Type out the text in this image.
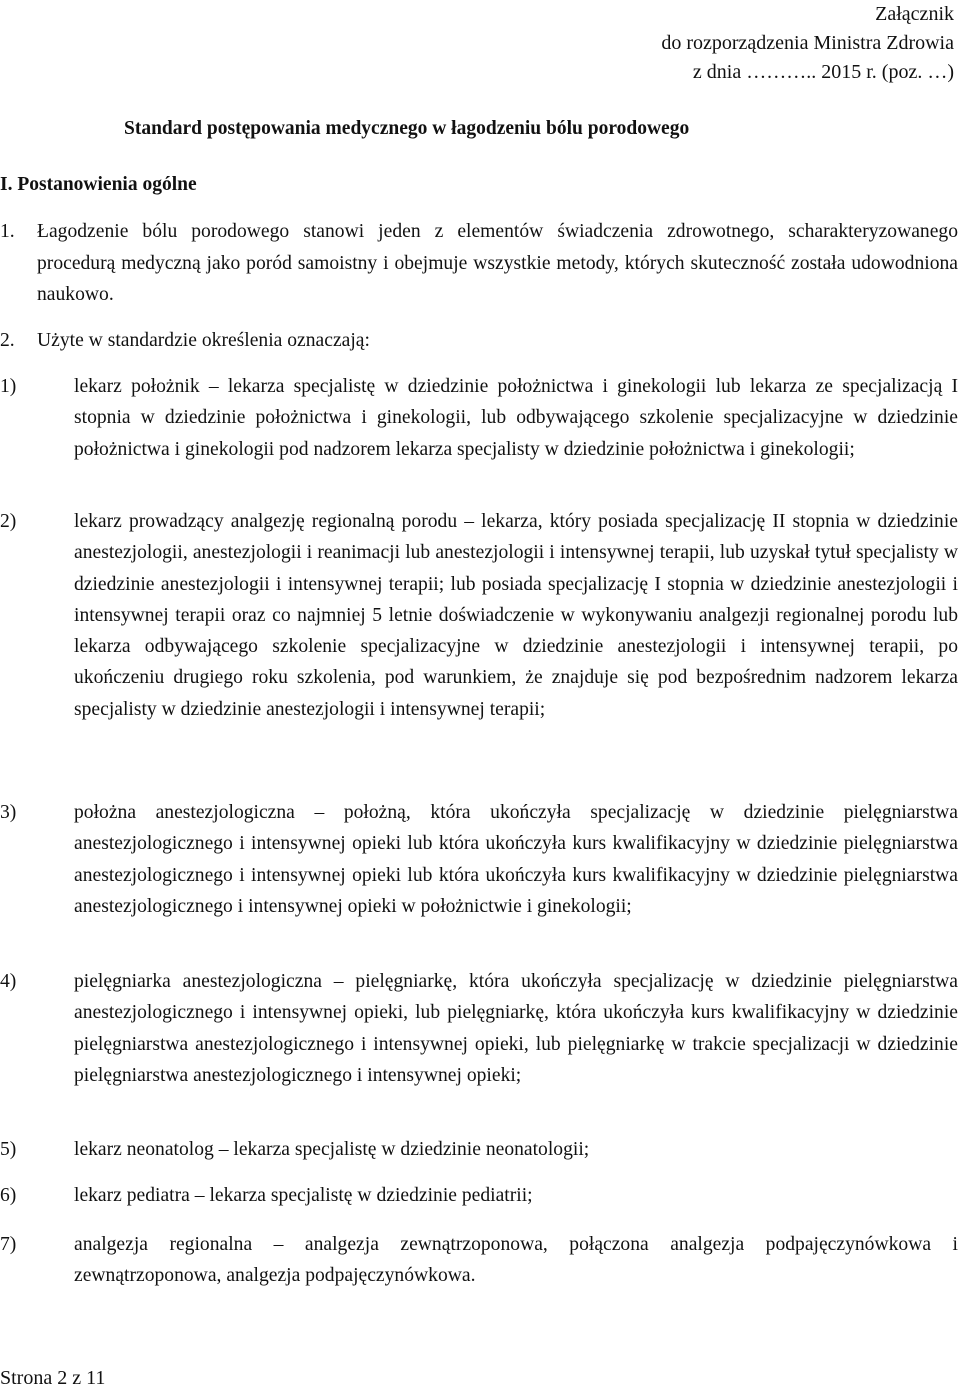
Załącznik
do rozporządzenia Ministra Zdrowia
z dnia ……….. 2015 r. (poz. …)
Standard postępowania medycznego w łagodzeniu bólu porodowego
I. Postanowienia ogólne
1.	Łagodzenie bólu porodowego stanowi jeden z elementów świadczenia zdrowotnego, scharakteryzowanego procedurą medyczną jako poród samoistny i obejmuje wszystkie metody, których skuteczność została udowodniona naukowo.
2.	Użyte w standardzie określenia oznaczają:
1)	lekarz położnik – lekarza specjalistę w dziedzinie położnictwa i ginekologii lub lekarza ze specjalizacją I stopnia w dziedzinie położnictwa i ginekologii, lub odbywającego szkolenie specjalizacyjne w dziedzinie położnictwa i ginekologii pod nadzorem lekarza specjalisty w dziedzinie położnictwa i ginekologii;
2)	lekarz prowadzący analgezję regionalną porodu – lekarza, który posiada specjalizację II stopnia w dziedzinie anestezjologii, anestezjologii i reanimacji lub anestezjologii i intensywnej terapii, lub uzyskał tytuł specjalisty w dziedzinie anestezjologii i intensywnej terapii; lub posiada specjalizację I stopnia w dziedzinie anestezjologii i intensywnej terapii oraz co najmniej 5 letnie doświadczenie w wykonywaniu analgezji regionalnej porodu lub lekarza odbywającego szkolenie specjalizacyjne w dziedzinie anestezjologii i intensywnej terapii, po ukończeniu drugiego roku szkolenia, pod warunkiem, że znajduje się pod bezpośrednim nadzorem lekarza specjalisty w dziedzinie anestezjologii i intensywnej terapii;
3)	położna anestezjologiczna – położną, która ukończyła specjalizację w dziedzinie pielęgniarstwa anestezjologicznego i intensywnej opieki lub która ukończyła kurs kwalifikacyjny w dziedzinie pielęgniarstwa anestezjologicznego i intensywnej opieki lub która ukończyła kurs kwalifikacyjny w dziedzinie pielęgniarstwa anestezjologicznego i intensywnej opieki w położnictwie i ginekologii;
4)	pielęgniarka anestezjologiczna – pielęgniarkę, która ukończyła specjalizację w dziedzinie pielęgniarstwa anestezjologicznego i intensywnej opieki, lub pielęgniarkę, która ukończyła kurs kwalifikacyjny w dziedzinie pielęgniarstwa anestezjologicznego i intensywnej opieki, lub pielęgniarkę w trakcie specjalizacji w dziedzinie pielęgniarstwa anestezjologicznego i intensywnej opieki;
5)	lekarz neonatolog – lekarza specjalistę w dziedzinie neonatologii;
6)	lekarz pediatra – lekarza specjalistę w dziedzinie pediatrii;
7)	analgezja regionalna – analgezja zewnątrzoponowa, połączona analgezja podpajęczynówkowa i zewnątrzoponowa, analgezja podpajęczynówkowa.
Strona 2 z 11
